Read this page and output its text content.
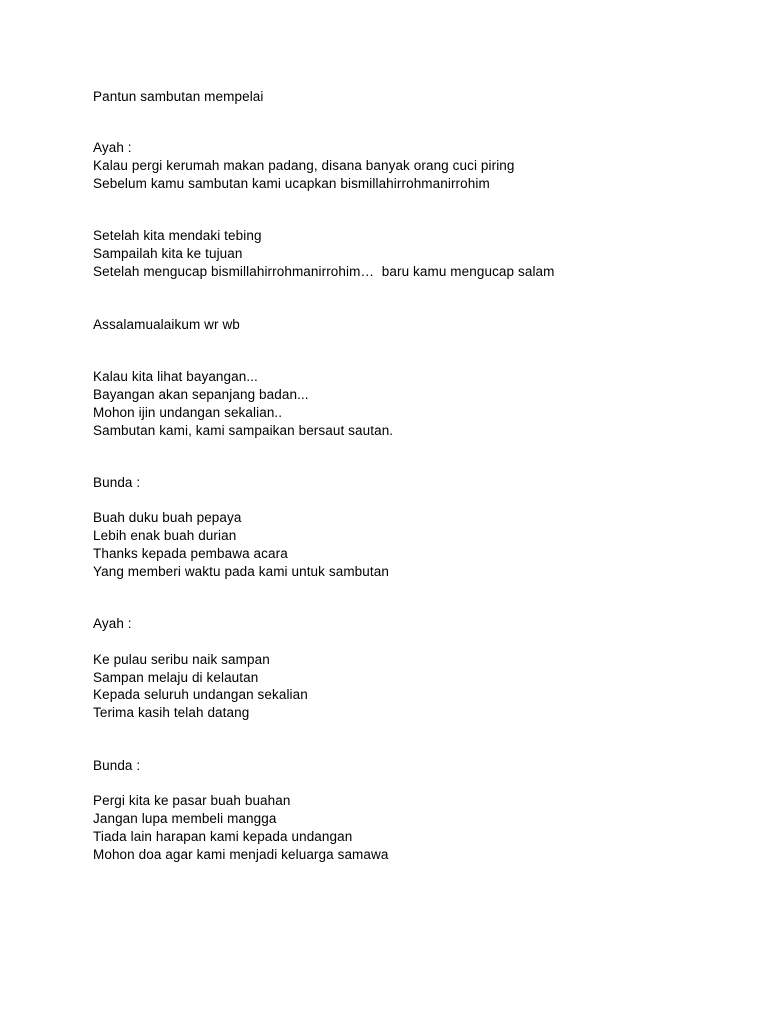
Pantun sambutan mempelai
Ayah :
Kalau pergi kerumah makan padang, disana banyak orang cuci piring
Sebelum kamu sambutan kami ucapkan bismillahirrohmanirrohim
Setelah kita mendaki tebing
Sampailah kita ke tujuan
Setelah mengucap bismillahirrohmanirrohim…  baru kamu mengucap salam
Assalamualaikum wr wb
Kalau kita lihat bayangan...
Bayangan akan sepanjang badan...
Mohon ijin undangan sekalian..
Sambutan kami, kami sampaikan bersaut sautan.
Bunda :
Buah duku buah pepaya
Lebih enak buah durian
Thanks kepada pembawa acara
Yang memberi waktu pada kami untuk sambutan
Ayah :
Ke pulau seribu naik sampan
Sampan melaju di kelautan
Kepada seluruh undangan sekalian
Terima kasih telah datang
Bunda :
Pergi kita ke pasar buah buahan
Jangan lupa membeli mangga
Tiada lain harapan kami kepada undangan
Mohon doa agar kami menjadi keluarga samawa
